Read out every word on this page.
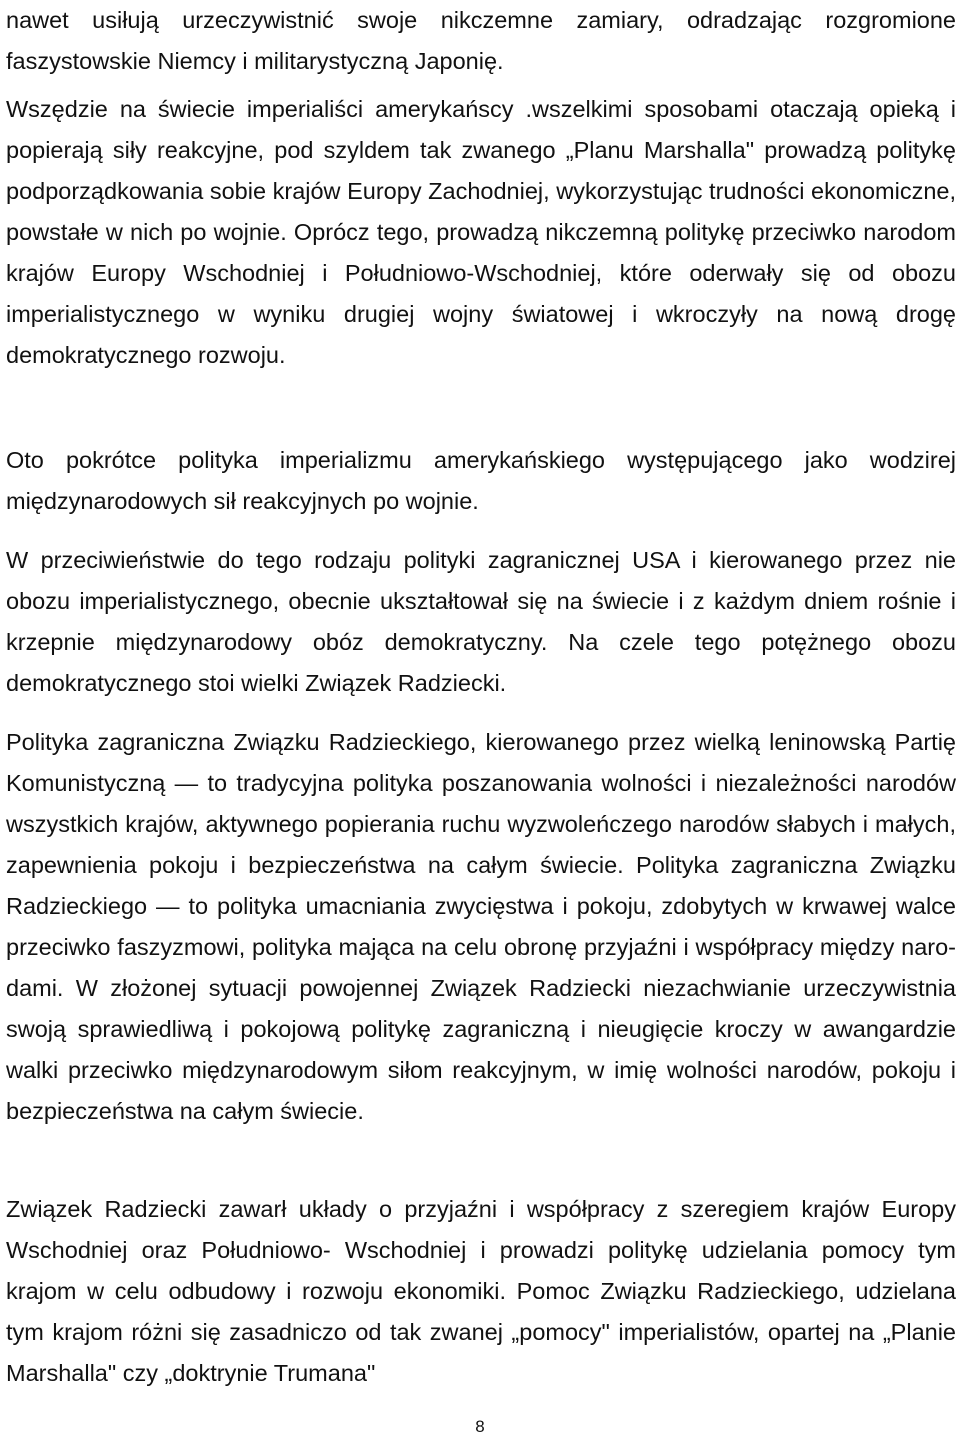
nawet usiłują urzeczywistnić swoje nikczemne zamiary, odradzając rozgromione faszystowskie Niemcy i militarystyczną Japonię.

Wszędzie na świecie imperialiści amerykańscy .wszelkimi sposobami otaczają opieką i popierają siły reakcyjne, pod szyldem tak zwanego „Planu Marshalla" prowadzą politykę podporządkowania sobie krajów Europy Zachodniej, wykorzystując trudności ekonomiczne, powstałe w nich po wojnie. Oprócz tego, prowadzą nikczemną politykę przeciwko narodom krajów Europy Wschodniej i Południowo-Wschodniej, które oderwały się od obozu imperialistycznego w wyniku drugiej wojny światowej i wkroczyły na nową drogę demokratycznego rozwoju.

Oto pokrótce polityka imperializmu amerykańskiego występującego jako wodzirej międzynarodowych sił reakcyjnych po wojnie.

W przeciwieństwie do tego rodzaju polityki zagranicznej USA i kierowanego przez nie obozu imperialistycznego, obecnie ukształtował się na świecie i z każdym dniem rośnie i krzepnie międzynarodowy obóz demokratyczny. Na czele tego potężnego obozu demokratycznego stoi wielki Związek Radziecki.

Polityka zagraniczna Związku Radzieckiego, kierowanego przez wielką leninowską Partię Komunistyczną — to tradycyjna polityka poszanowania wolności i niezależności narodów wszystkich krajów, aktywnego popierania ruchu wyzwoleńczego narodów słabych i małych, zapewnienia pokoju i bezpieczeństwa na całym świecie. Polityka zagraniczna Związku Radzieckiego — to polityka umacniania zwycięstwa i pokoju, zdobytych w krwawej walce przeciwko faszyzmowi, polityka mająca na celu obronę przyjaźni i współpracy między narodami. W złożonej sytuacji powojennej Związek Radziecki niezachwianie urzeczywistnia swoją sprawiedliwą i pokojową politykę zagraniczną i nieugięcie kroczy w awangardzie walki przeciwko międzynarodowym siłom reakcyjnym, w imię wolności narodów, pokoju i bezpieczeństwa na całym świecie.

Związek Radziecki zawarł układy o przyjaźni i współpracy z szeregiem krajów Europy Wschodniej oraz Południowo- Wschodniej i prowadzi politykę udzielania pomocy tym krajom w celu odbudowy i rozwoju ekonomiki. Pomoc Związku Radzieckiego, udzielana tym krajom różni się zasadniczo od tak zwanej „pomocy" imperialistów, opartej na „Planie Marshalla" czy „doktrynie Trumana"

8
